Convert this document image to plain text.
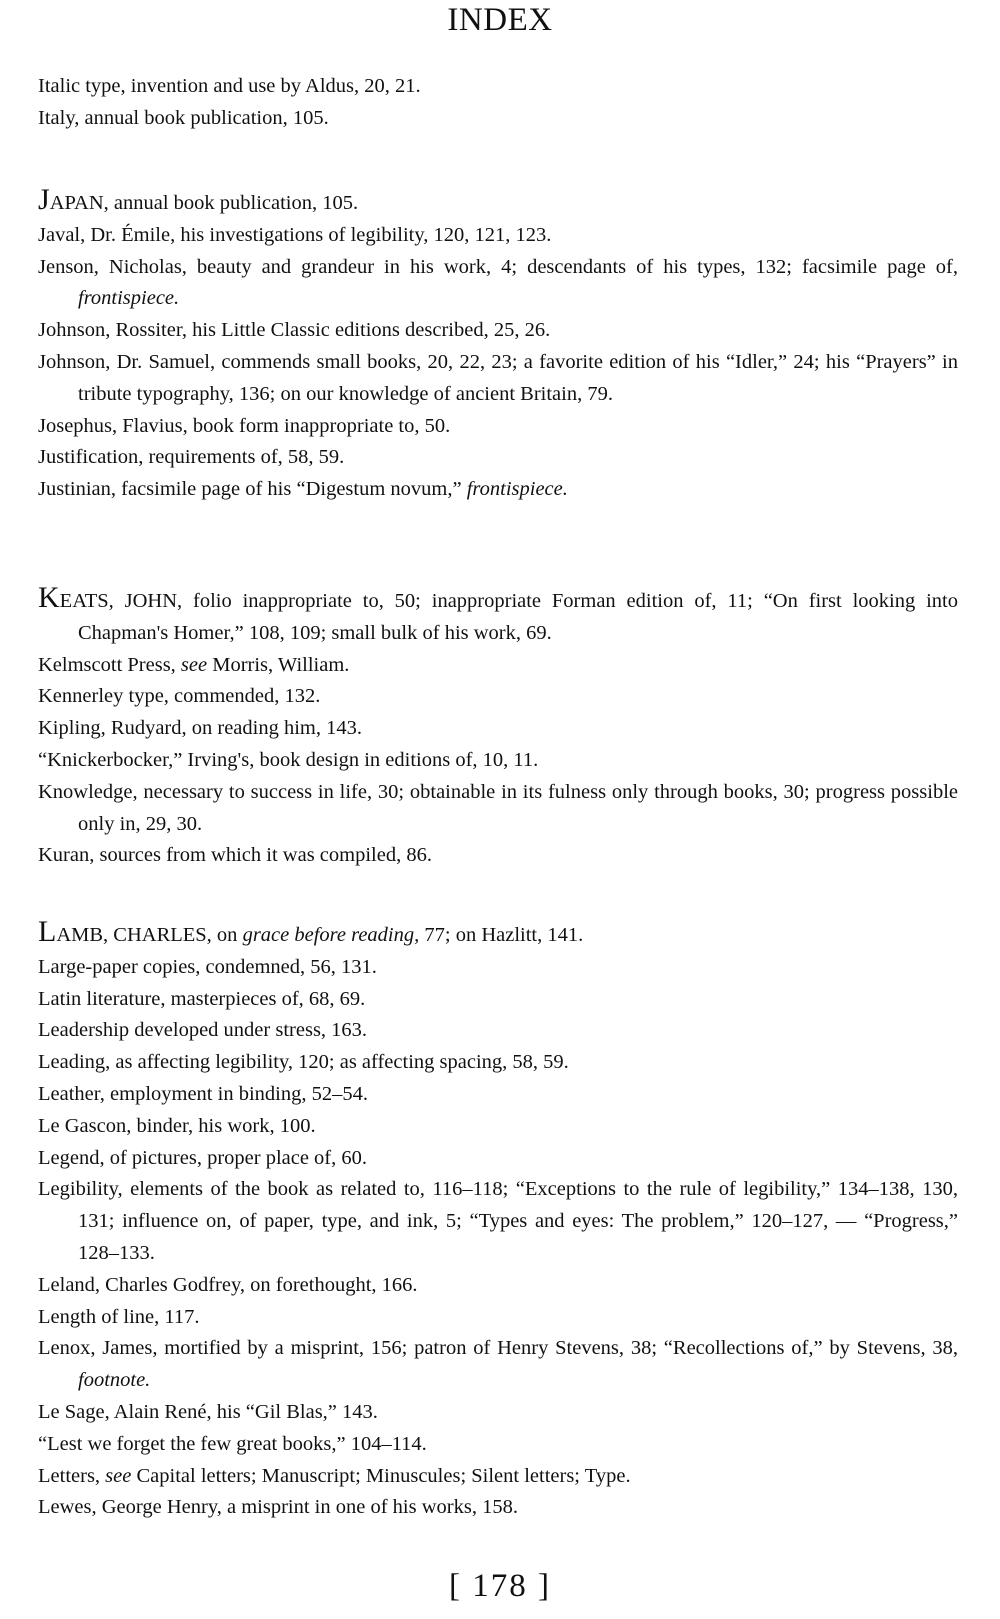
INDEX
Italic type, invention and use by Aldus, 20, 21.
Italy, annual book publication, 105.
JAPAN, annual book publication, 105.
Javal, Dr. Émile, his investigations of legibility, 120, 121, 123.
Jenson, Nicholas, beauty and grandeur in his work, 4; descendants of his types, 132; facsimile page of, frontispiece.
Johnson, Rossiter, his Little Classic editions described, 25, 26.
Johnson, Dr. Samuel, commends small books, 20, 22, 23; a favorite edition of his “Idler,” 24; his “Prayers” in tribute typography, 136; on our knowledge of ancient Britain, 79.
Josephus, Flavius, book form inappropriate to, 50.
Justification, requirements of, 58, 59.
Justinian, facsimile page of his “Digestum novum,” frontispiece.
KEATS, JOHN, folio inappropriate to, 50; inappropriate Forman edition of, 11; “On first looking into Chapman's Homer,” 108, 109; small bulk of his work, 69.
Kelmscott Press, see Morris, William.
Kennerley type, commended, 132.
Kipling, Rudyard, on reading him, 143.
“Knickerbocker,” Irving's, book design in editions of, 10, 11.
Knowledge, necessary to success in life, 30; obtainable in its fulness only through books, 30; progress possible only in, 29, 30.
Kuran, sources from which it was compiled, 86.
LAMB, CHARLES, on grace before reading, 77; on Hazlitt, 141.
Large-paper copies, condemned, 56, 131.
Latin literature, masterpieces of, 68, 69.
Leadership developed under stress, 163.
Leading, as affecting legibility, 120; as affecting spacing, 58, 59.
Leather, employment in binding, 52–54.
Le Gascon, binder, his work, 100.
Legend, of pictures, proper place of, 60.
Legibility, elements of the book as related to, 116–118; “Exceptions to the rule of legibility,” 134–138, 130, 131; influence on, of paper, type, and ink, 5; “Types and eyes: The problem,” 120–127, — “Progress,” 128–133.
Leland, Charles Godfrey, on forethought, 166.
Length of line, 117.
Lenox, James, mortified by a misprint, 156; patron of Henry Stevens, 38; “Recollections of,” by Stevens, 38, footnote.
Le Sage, Alain René, his “Gil Blas,” 143.
“Lest we forget the few great books,” 104–114.
Letters, see Capital letters; Manuscript; Minuscules; Silent letters; Type.
Lewes, George Henry, a misprint in one of his works, 158.
[ 178 ]
